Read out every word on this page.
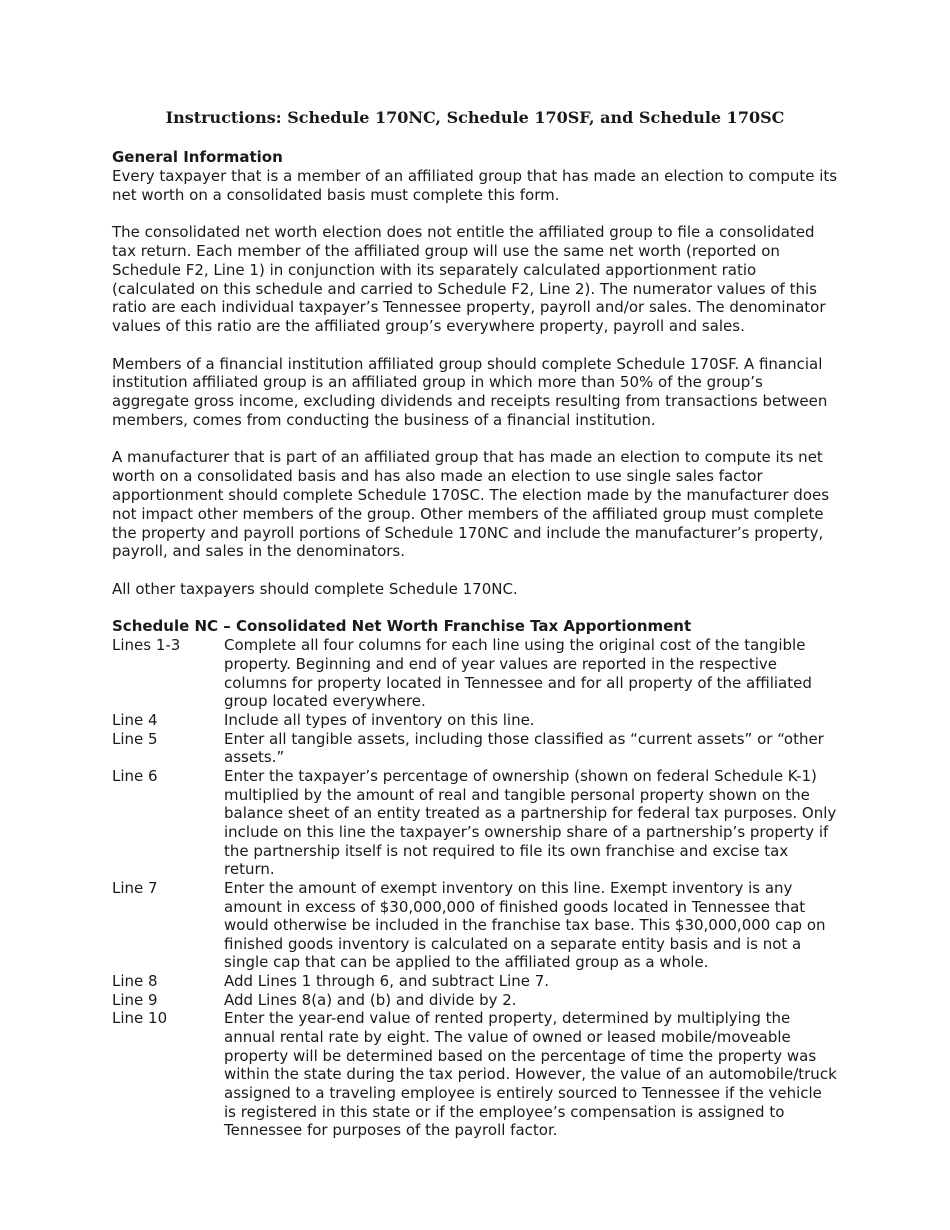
Instructions: Schedule 170NC, Schedule 170SF, and Schedule 170SC
General Information

Every taxpayer that is a member of an affiliated group that has made an election to compute its net worth on a consolidated basis must complete this form.

The consolidated net worth election does not entitle the affiliated group to file a consolidated tax return. Each member of the affiliated group will use the same net worth (reported on Schedule F2, Line 1) in conjunction with its separately calculated apportionment ratio (calculated on this schedule and carried to Schedule F2, Line 2). The numerator values of this ratio are each individual taxpayer’s Tennessee property, payroll and/or sales. The denominator values of this ratio are the affiliated group’s everywhere property, payroll and sales.

Members of a financial institution affiliated group should complete Schedule 170SF. A financial institution affiliated group is an affiliated group in which more than 50% of the group’s aggregate gross income, excluding dividends and receipts resulting from transactions between members, comes from conducting the business of a financial institution.

A manufacturer that is part of an affiliated group that has made an election to compute its net worth on a consolidated basis and has also made an election to use single sales factor apportionment should complete Schedule 170SC. The election made by the manufacturer does not impact other members of the group. Other members of the affiliated group must complete the property and payroll portions of Schedule 170NC and include the manufacturer’s property, payroll, and sales in the denominators.

All other taxpayers should complete Schedule 170NC.

Schedule NC – Consolidated Net Worth Franchise Tax Apportionment
Lines 1-3	Complete all four columns for each line using the original cost of the tangible property. Beginning and end of year values are reported in the respective columns for property located in Tennessee and for all property of the affiliated group located everywhere.
Line 4	Include all types of inventory on this line.
Line 5	Enter all tangible assets, including those classified as “current assets” or “other assets.”
Line 6	Enter the taxpayer’s percentage of ownership (shown on federal Schedule K-1) multiplied by the amount of real and tangible personal property shown on the balance sheet of an entity treated as a partnership for federal tax purposes. Only include on this line the taxpayer’s ownership share of a partnership’s property if the partnership itself is not required to file its own franchise and excise tax return.
Line 7	Enter the amount of exempt inventory on this line. Exempt inventory is any amount in excess of $30,000,000 of finished goods located in Tennessee that would otherwise be included in the franchise tax base. This $30,000,000 cap on finished goods inventory is calculated on a separate entity basis and is not a single cap that can be applied to the affiliated group as a whole.
Line 8	Add Lines 1 through 6, and subtract Line 7.
Line 9	Add Lines 8(a) and (b) and divide by 2.
Line 10	Enter the year-end value of rented property, determined by multiplying the annual rental rate by eight. The value of owned or leased mobile/moveable property will be determined based on the percentage of time the property was within the state during the tax period. However, the value of an automobile/truck assigned to a traveling employee is entirely sourced to Tennessee if the vehicle is registered in this state or if the employee’s compensation is assigned to Tennessee for purposes of the payroll factor.
